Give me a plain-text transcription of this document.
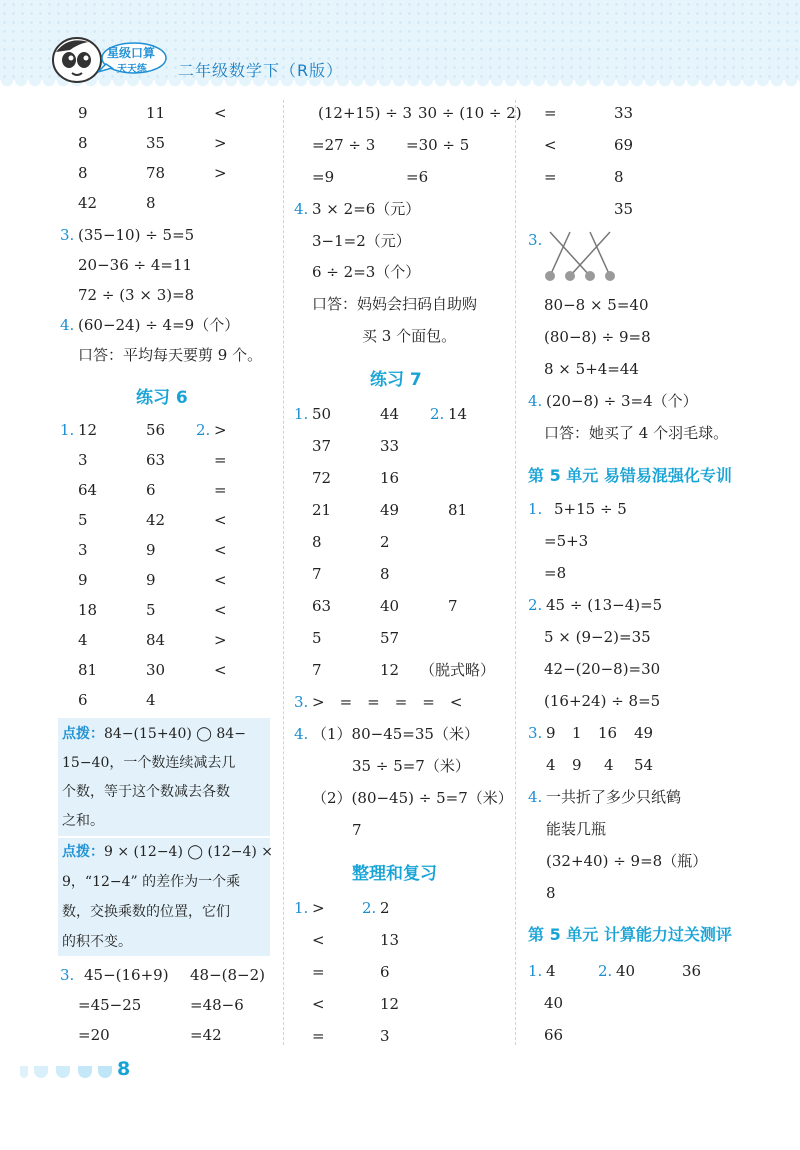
星级口算
天天练 二年级数学下（R版）
9	11	<
8	35	>
8	78	>
42	8
3. (35−10) ÷ 5=5
20−36 ÷ 4=11
72 ÷ (3 × 3)=8
4. (60−24) ÷ 4=9（个）
口答：平均每天要剪 9 个。
练习 6
1.	2.
12	56	>
3	63	=
64	6	=
5	42	<
3	9	<
9	9	<
18	5	<
4	84	>
81	30	<
6	4
点拨：84−(15+40) ◯ 84−
15−40，一个数连续减去几
个数，等于这个数减去各数
之和。
点拨：9 × (12−4) ◯ (12−4) ×
9，“12−4” 的差作为一个乘
数，交换乘数的位置，它们
的积不变。
3. 45−(16+9)
=45−25
=20
48−(8−2)
=48−6
=42
(12+15) ÷ 3
=27 ÷ 3
=9
30 ÷ (10 ÷ 2)
=30 ÷ 5
=6
4. 3 × 2=6（元）
3−1=2（元）
6 ÷ 2=3（个）
口答：妈妈会扫码自助购
买 3 个面包。
练习 7
1.	2. 14
50	44
37	33
72	16
21	49	81
8	2
7	8
63	40	7
5	57
7	12 （脱式略）
3. >　=　=　=　=　<
4. （1）80−45=35（米）
35 ÷ 5=7（米）
（2）(80−45) ÷ 5=7（米）
7
整理和复习
1.	2.
>	2
<	13
=	6
<	12
=	3
=	33
<	69
=	8
35
3.
80−8 × 5=40
(80−8) ÷ 9=8
8 × 5+4=44
4. (20−8) ÷ 3=4（个）
口答：她买了 4 个羽毛球。
第 5 单元 易错易混强化专训
1. 5+15 ÷ 5
=5+3
=8
2. 45 ÷ (13−4)=5
5 × (9−2)=35
42−(20−8)=30
(16+24) ÷ 8=5
3. 9 1 16 49
4 9 4 54
4. 一共折了多少只纸鹤
能装几瓶
(32+40) ÷ 9=8（瓶）
8
第 5 单元 计算能力过关测评
1. 4	2. 40	36
40
66
8
